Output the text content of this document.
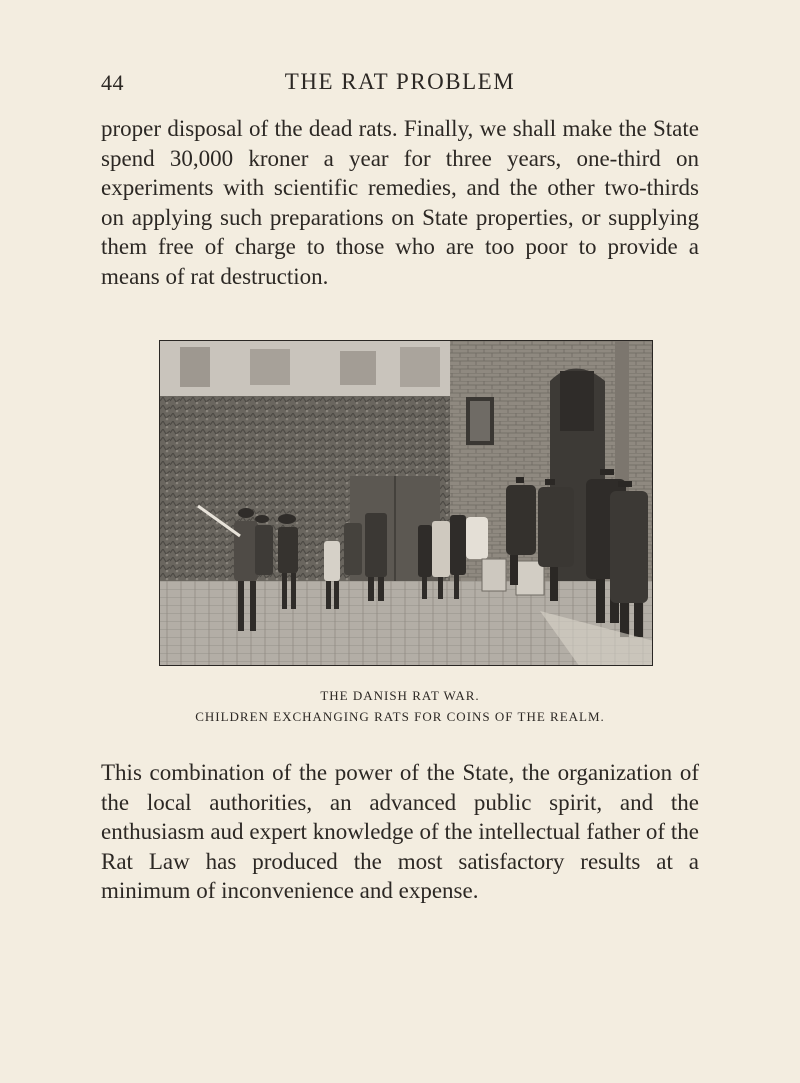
44	THE RAT PROBLEM

proper disposal of the dead rats. Finally, we shall make the State spend 30,000 kroner a year for three years, one-third on experiments with scientific remedies, and the other two-thirds on applying such preparations on State properties, or supplying them free of charge to those who are too poor to provide a means of rat destruction.

THE DANISH RAT WAR.

CHILDREN EXCHANGING RATS FOR COINS OF THE REALM.

This combination of the power of the State, the organization of the local authorities, an advanced public spirit, and the enthusiasm aud expert knowledge of the intellectual father of the Rat Law has produced the most satisfactory results at a minimum of inconvenience and expense.
